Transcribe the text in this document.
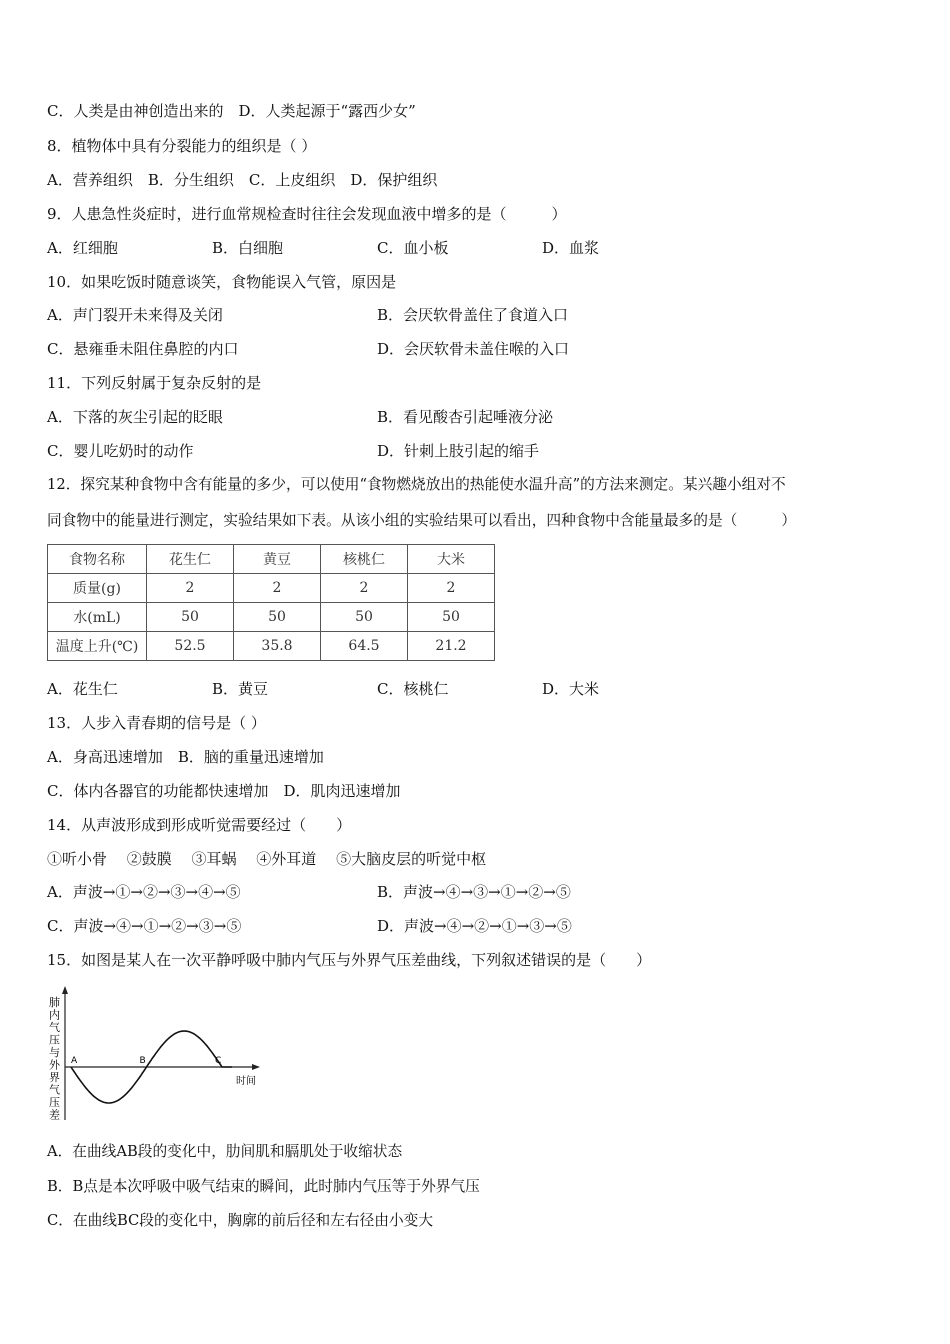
C．人类是由神创造出来的　D．人类起源于“露西少女”
8．植物体中具有分裂能力的组织是（ ）
A．营养组织　B．分生组织　C．上皮组织　D．保护组织
9．人患急性炎症时，进行血常规检查时往往会发现血液中增多的是（　　　）
A．红细胞	B．白细胞	C．血小板	D．血浆
10．如果吃饭时随意谈笑，食物能误入气管，原因是
A．声门裂开未来得及关闭	B．会厌软骨盖住了食道入口
C．悬雍垂未阻住鼻腔的内口	D．会厌软骨未盖住喉的入口
11．下列反射属于复杂反射的是
A．下落的灰尘引起的眨眼	B．看见酸杏引起唾液分泌
C．婴儿吃奶时的动作	D．针刺上肢引起的缩手
12．探究某种食物中含有能量的多少，可以使用“食物燃烧放出的热能使水温升高”的方法来测定。某兴趣小组对不
同食物中的能量进行测定，实验结果如下表。从该小组的实验结果可以看出，四种食物中含能量最多的是（　　　）
食物名称	花生仁	黄豆	核桃仁	大米
质量(g)	2	2	2	2
水(mL)	50	50	50	50
温度上升(℃)	52.5	35.8	64.5	21.2
A．花生仁	B．黄豆	C．核桃仁	D．大米
13．人步入青春期的信号是（ ）
A．身高迅速增加　B．脑的重量迅速增加
C．体内各器官的功能都快速增加　D．肌肉迅速增加
14．从声波形成到形成听觉需要经过（　　）
①听小骨　 ②鼓膜　 ③耳蜗　 ④外耳道　 ⑤大脑皮层的听觉中枢
A．声波→①→②→③→④→⑤	B．声波→④→③→①→②→⑤
C．声波→④→①→②→③→⑤	D．声波→④→②→①→③→⑤
15．如图是某人在一次平静呼吸中肺内气压与外界气压差曲线，下列叙述错误的是（　　）
肺内气压与外界气压差
时间
A	B	C
A．在曲线AB段的变化中，肋间肌和膈肌处于收缩状态
B．B点是本次呼吸中吸气结束的瞬间，此时肺内气压等于外界气压
C．在曲线BC段的变化中，胸廓的前后径和左右径由小变大
